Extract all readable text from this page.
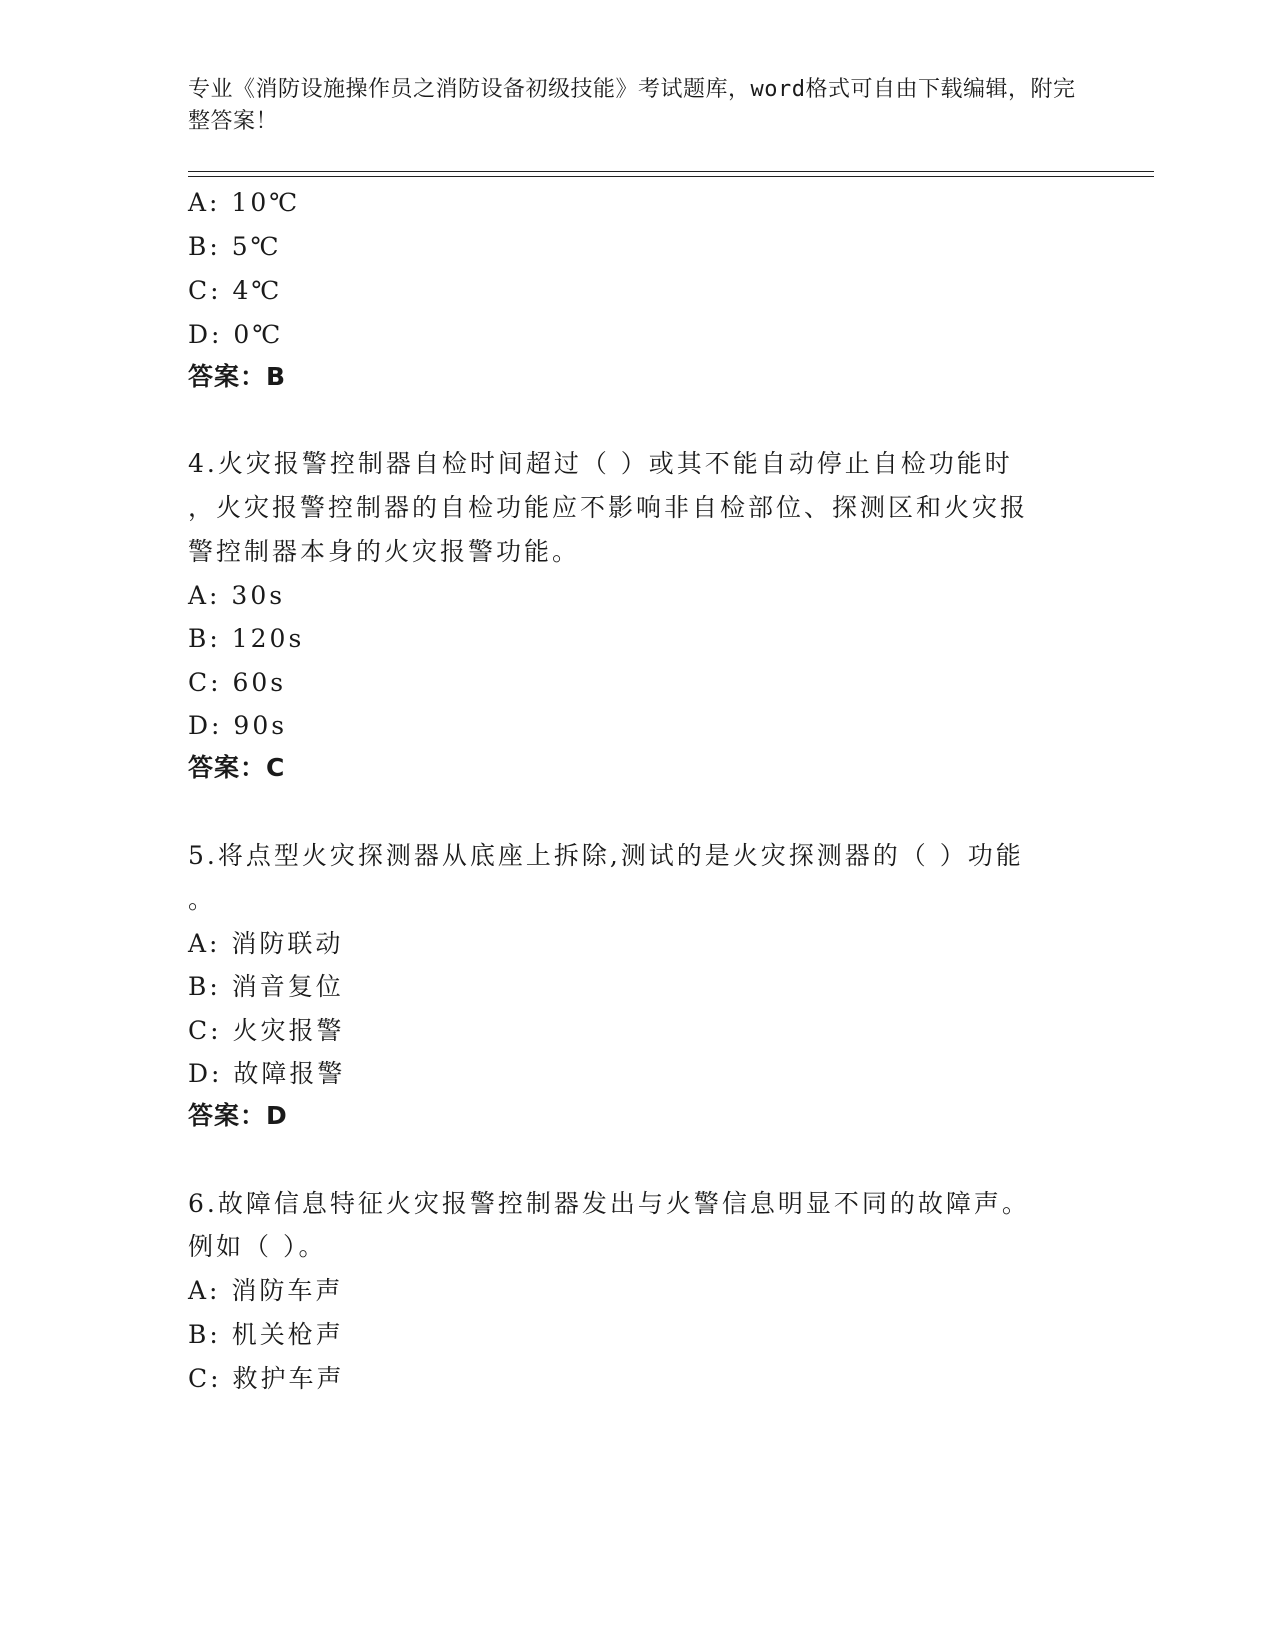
专业《消防设施操作员之消防设备初级技能》考试题库，word格式可自由下载编辑，附完整答案！
A: 10℃
B: 5℃
C: 4℃
D: 0℃
答案：B
4.火灾报警控制器自检时间超过（ ）或其不能自动停止自检功能时
，火灾报警控制器的自检功能应不影响非自检部位、探测区和火灾报
警控制器本身的火灾报警功能。
A: 30s
B: 120s
C: 60s
D: 90s
答案：C
5.将点型火灾探测器从底座上拆除,测试的是火灾探测器的（ ）功能
。
A: 消防联动
B: 消音复位
C: 火灾报警
D: 故障报警
答案：D
6.故障信息特征火灾报警控制器发出与火警信息明显不同的故障声。
例如（ ）。
A: 消防车声
B: 机关枪声
C: 救护车声
